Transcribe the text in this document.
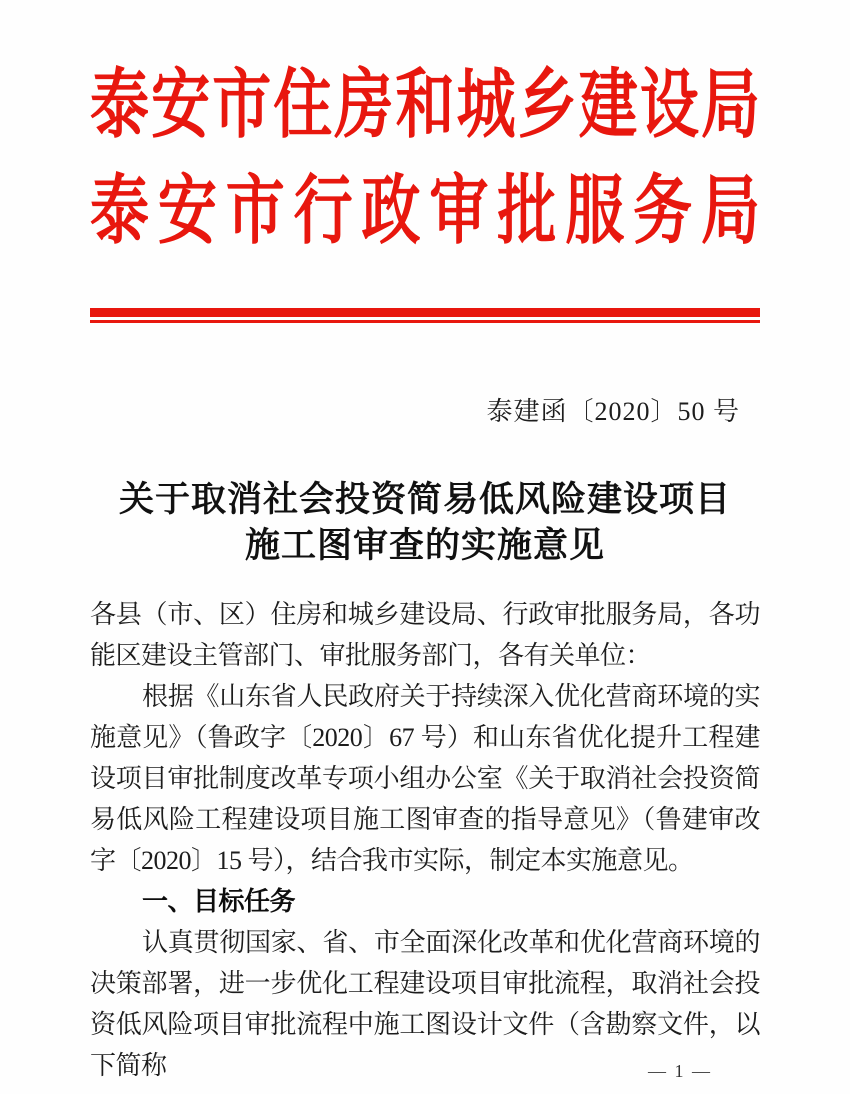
泰安市住房和城乡建设局
泰安市行政审批服务局
泰建函〔2020〕50 号
关于取消社会投资简易低风险建设项目
施工图审查的实施意见

各县（市、区）住房和城乡建设局、行政审批服务局，各功能区建设主管部门、审批服务部门，各有关单位：

根据《山东省人民政府关于持续深入优化营商环境的实施意见》（鲁政字〔2020〕67 号）和山东省优化提升工程建设项目审批制度改革专项小组办公室《关于取消社会投资简易低风险工程建设项目施工图审查的指导意见》（鲁建审改字〔2020〕15 号），结合我市实际，制定本实施意见。

一、目标任务

认真贯彻国家、省、市全面深化改革和优化营商环境的决策部署，进一步优化工程建设项目审批流程，取消社会投资低风险项目审批流程中施工图设计文件（含勘察文件，以下简称	— 1 —
